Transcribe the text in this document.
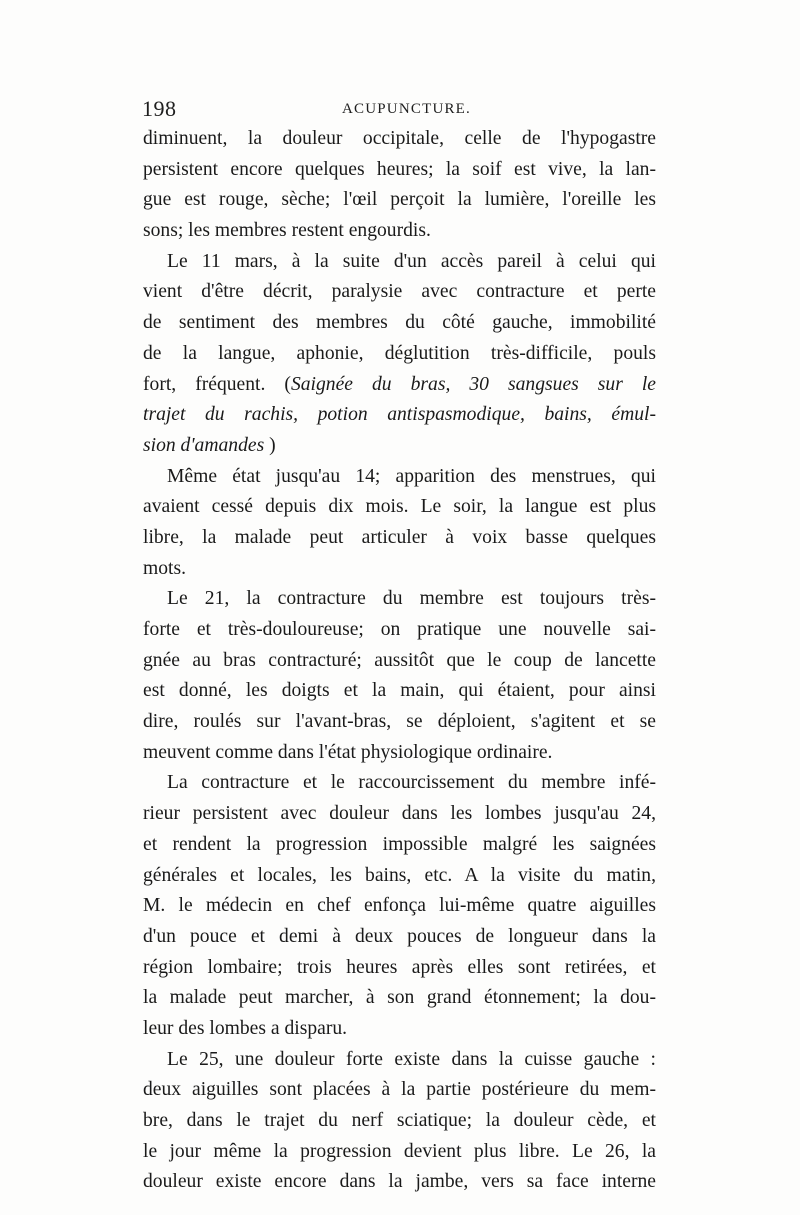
198	ACUPUNCTURE.
diminuent, la douleur occipitale, celle de l'hypogastre
persistent encore quelques heures; la soif est vive, la lan-
gue est rouge, sèche; l'œil perçoit la lumière, l'oreille les
sons; les membres restent engourdis.
Le 11 mars, à la suite d'un accès pareil à celui qui
vient d'être décrit, paralysie avec contracture et perte
de sentiment des membres du côté gauche, immobilité
de la langue, aphonie, déglutition très-difficile, pouls
fort, fréquent. (Saignée du bras, 30 sangsues sur le
trajet du rachis, potion antispasmodique, bains, émul-
sion d'amandes )
Même état jusqu'au 14; apparition des menstrues, qui
avaient cessé depuis dix mois. Le soir, la langue est plus
libre, la malade peut articuler à voix basse quelques
mots.
Le 21, la contracture du membre est toujours très-
forte et très-douloureuse; on pratique une nouvelle sai-
gnée au bras contracturé; aussitôt que le coup de lancette
est donné, les doigts et la main, qui étaient, pour ainsi
dire, roulés sur l'avant-bras, se déploient, s'agitent et se
meuvent comme dans l'état physiologique ordinaire.
La contracture et le raccourcissement du membre infé-
rieur persistent avec douleur dans les lombes jusqu'au 24,
et rendent la progression impossible malgré les saignées
générales et locales, les bains, etc. A la visite du matin,
M. le médecin en chef enfonça lui-même quatre aiguilles
d'un pouce et demi à deux pouces de longueur dans la
région lombaire; trois heures après elles sont retirées, et
la malade peut marcher, à son grand étonnement; la dou-
leur des lombes a disparu.
Le 25, une douleur forte existe dans la cuisse gauche :
deux aiguilles sont placées à la partie postérieure du mem-
bre, dans le trajet du nerf sciatique; la douleur cède, et
le jour même la progression devient plus libre. Le 26, la
douleur existe encore dans la jambe, vers sa face interne
